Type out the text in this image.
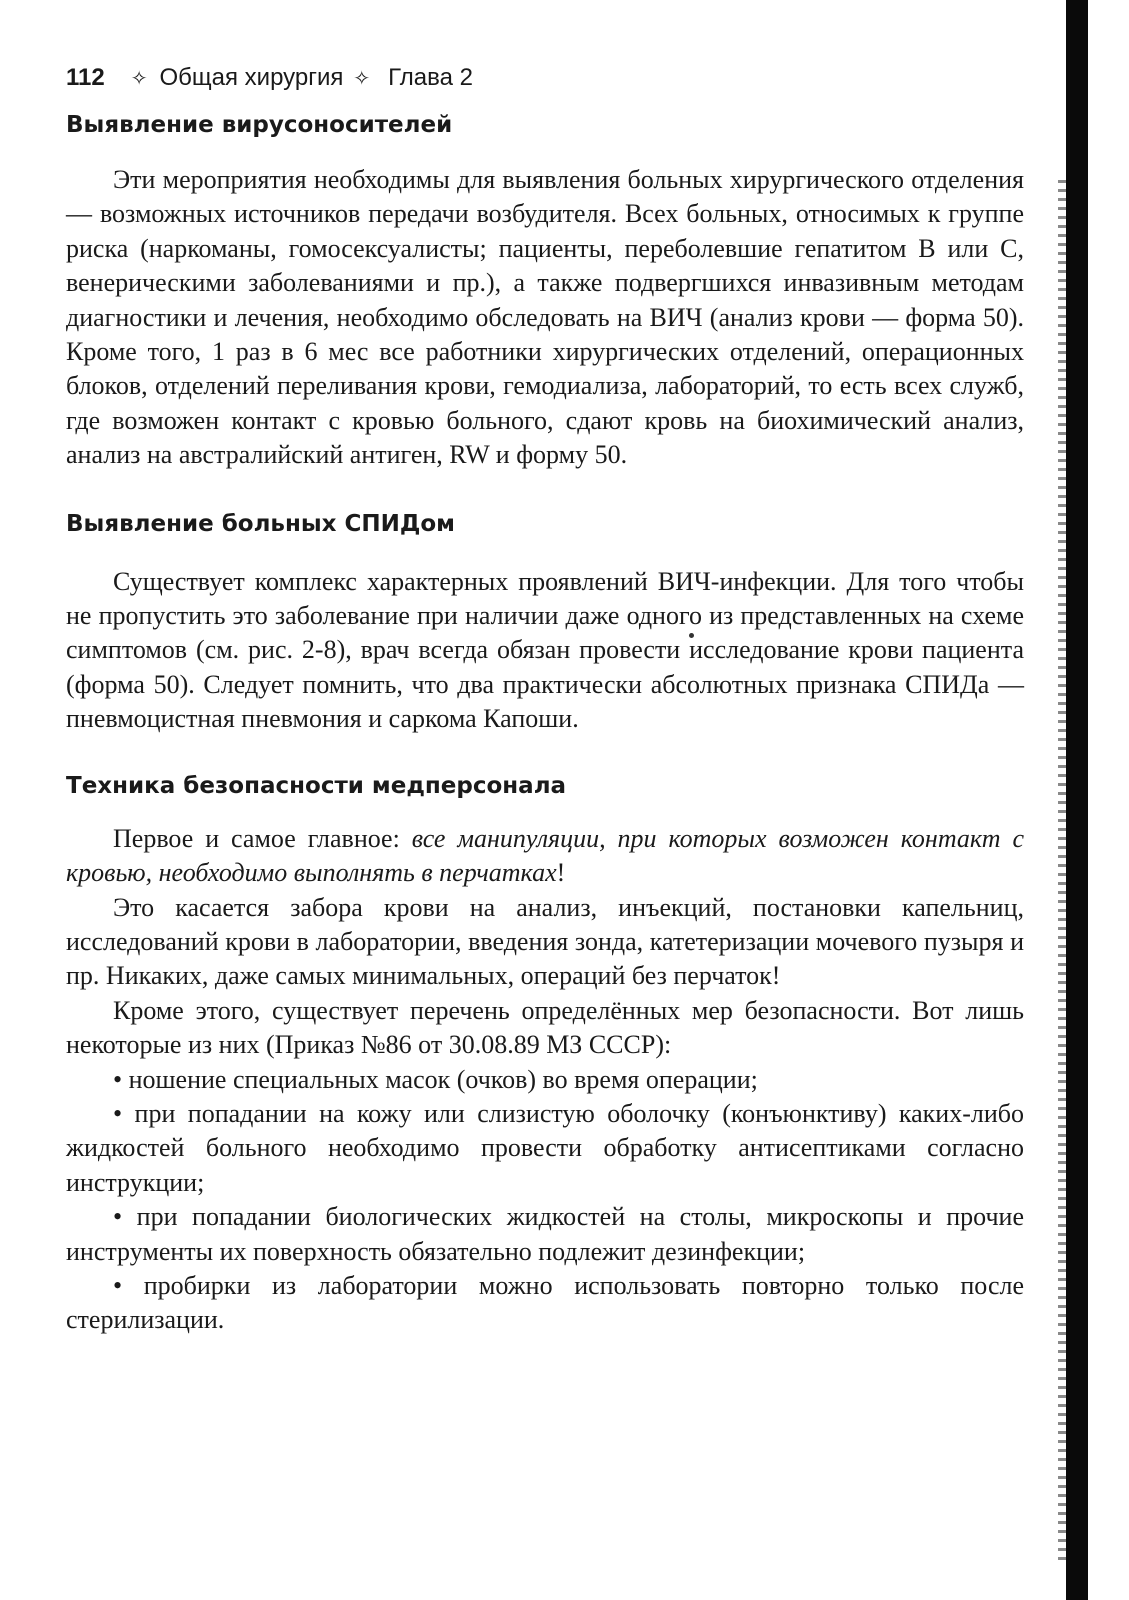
112 ✧ Общая хирургия ✧ Глава 2
Выявление вирусоносителей

Эти мероприятия необходимы для выявления больных хирургического отделения — возможных источников передачи возбудителя. Всех больных, относимых к группе риска (наркоманы, гомосексуалисты; пациенты, переболевшие гепатитом B или C, венерическими заболеваниями и пр.), а также подвергшихся инвазивным методам диагностики и лечения, необходимо обследовать на ВИЧ (анализ крови — форма 50). Кроме того, 1 раз в 6 мес все работники хирургических отделений, операционных блоков, отделений переливания крови, гемодиализа, лабораторий, то есть всех служб, где возможен контакт с кровью больного, сдают кровь на биохимический анализ, анализ на австралийский антиген, RW и форму 50.

Выявление больных СПИДом

Существует комплекс характерных проявлений ВИЧ-инфекции. Для того чтобы не пропустить это заболевание при наличии даже одного из представленных на схеме симптомов (см. рис. 2-8), врач всегда обязан провести исследование крови пациента (форма 50). Следует помнить, что два практически абсолютных признака СПИДа — пневмоцистная пневмония и саркома Капоши.

Техника безопасности медперсонала

Первое и самое главное: все манипуляции, при которых возможен контакт с кровью, необходимо выполнять в перчатках!

Это касается забора крови на анализ, инъекций, постановки капельниц, исследований крови в лаборатории, введения зонда, катетеризации мочевого пузыря и пр. Никаких, даже самых минимальных, операций без перчаток!

Кроме этого, существует перечень определённых мер безопасности. Вот лишь некоторые из них (Приказ №86 от 30.08.89 МЗ СССР):

• ношение специальных масок (очков) во время операции;

• при попадании на кожу или слизистую оболочку (конъюнктиву) каких-либо жидкостей больного необходимо провести обработку антисептиками согласно инструкции;

• при попадании биологических жидкостей на столы, микроскопы и прочие инструменты их поверхность обязательно подлежит дезинфекции;

• пробирки из лаборатории можно использовать повторно только после стерилизации.
